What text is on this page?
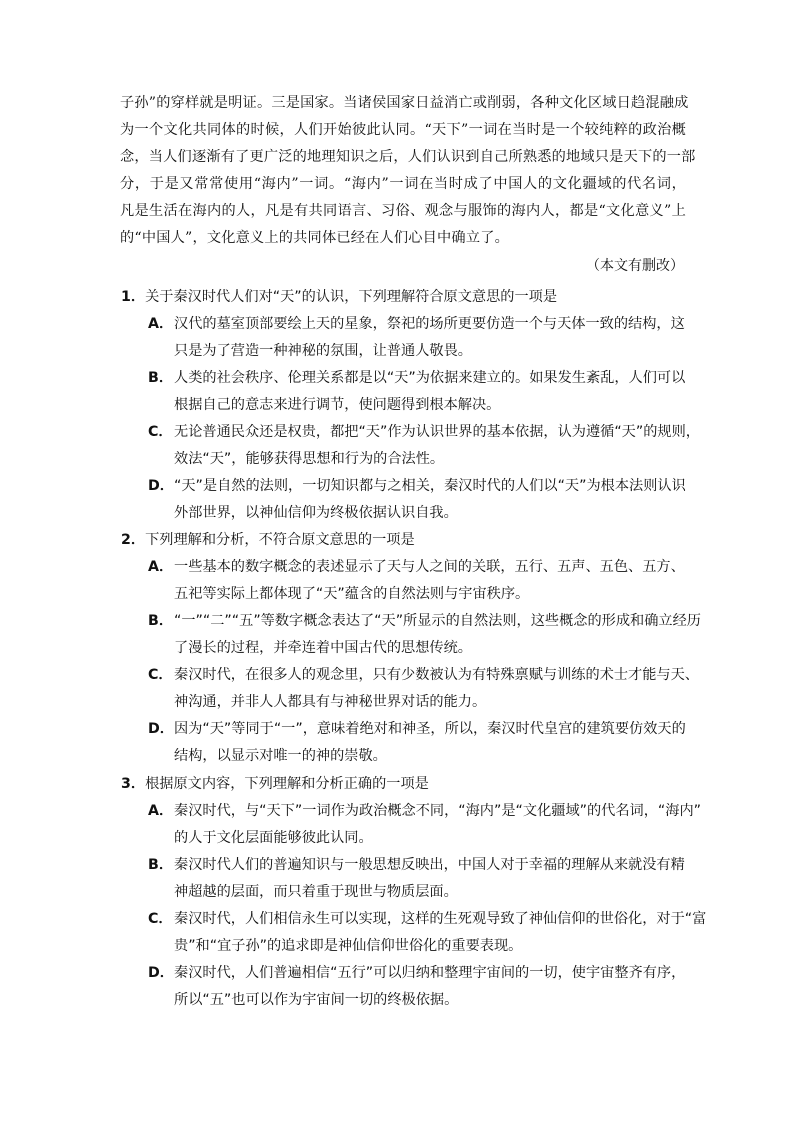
子孙”的穿样就是明证。三是国家。当诸侯国家日益消亡或削弱，各种文化区域日趋混融成
为一个文化共同体的时候，人们开始彼此认同。“天下”一词在当时是一个较纯粹的政治概
念，当人们逐渐有了更广泛的地理知识之后，人们认识到自己所熟悉的地域只是天下的一部
分，于是又常常使用“海内”一词。“海内”一词在当时成了中国人的文化疆域的代名词，
凡是生活在海内的人，凡是有共同语言、习俗、观念与服饰的海内人，都是“文化意义”上
的“中国人”，文化意义上的共同体已经在人们心目中确立了。
（本文有删改）
1．关于秦汉时代人们对“天”的认识，下列理解符合原文意思的一项是
A． 汉代的墓室顶部要绘上天的星象，祭祀的场所更要仿造一个与天体一致的结构，这
只是为了营造一种神秘的氛围，让普通人敬畏。
B． 人类的社会秩序、伦理关系都是以“天”为依据来建立的。如果发生紊乱，人们可以
根据自己的意志来进行调节，使问题得到根本解决。
C． 无论普通民众还是权贵，都把“天”作为认识世界的基本依据，认为遵循“天”的规则，
效法“天”，能够获得思想和行为的合法性。
D． “天”是自然的法则，一切知识都与之相关，秦汉时代的人们以“天”为根本法则认识
外部世界，以神仙信仰为终极依据认识自我。
2．下列理解和分析，不符合原文意思的一项是
A． 一些基本的数字概念的表述显示了天与人之间的关联，五行、五声、五色、五方、
五祀等实际上都体现了“天”蕴含的自然法则与宇宙秩序。
B． “一”“二”“五”等数字概念表达了“天”所显示的自然法则，这些概念的形成和确立经历
了漫长的过程，并牵连着中国古代的思想传统。
C． 秦汉时代，在很多人的观念里，只有少数被认为有特殊禀赋与训练的术士才能与天、
神沟通，并非人人都具有与神秘世界对话的能力。
D． 因为“天”等同于“一”，意味着绝对和神圣，所以，秦汉时代皇宫的建筑要仿效天的
结构，以显示对唯一的神的崇敬。
3．根据原文内容，下列理解和分析正确的一项是
A． 秦汉时代，与“天下”一词作为政治概念不同，“海内”是“文化疆域”的代名词，“海内”
的人于文化层面能够彼此认同。
B． 秦汉时代人们的普遍知识与一般思想反映出，中国人对于幸福的理解从来就没有精
神超越的层面，而只着重于现世与物质层面。
C． 秦汉时代，人们相信永生可以实现，这样的生死观导致了神仙信仰的世俗化，对于“富
贵”和“宜子孙”的追求即是神仙信仰世俗化的重要表现。
D． 秦汉时代，人们普遍相信“五行”可以归纳和整理宇宙间的一切，使宇宙整齐有序，
所以“五”也可以作为宇宙间一切的终极依据。
